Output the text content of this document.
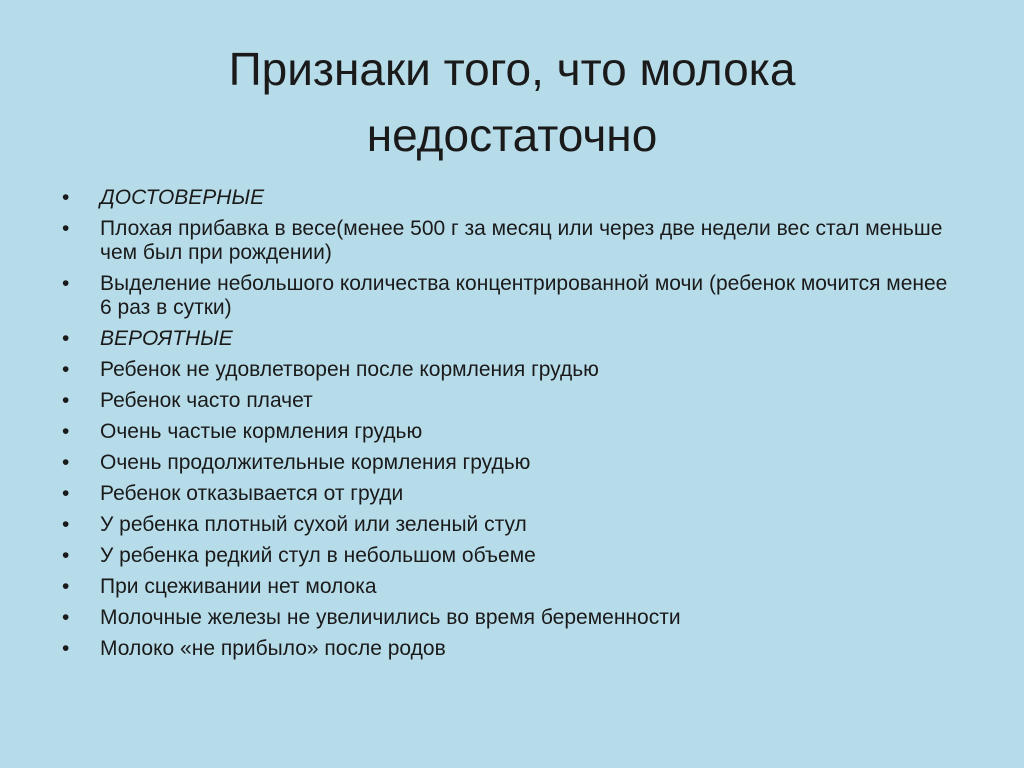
Признаки того, что молока
недостаточно
• ДОСТОВЕРНЫЕ
• Плохая прибавка в весе(менее 500 г за месяц или через две недели вес стал меньше чем был при рождении)
• Выделение небольшого количества концентрированной мочи (ребенок мочится менее 6 раз в сутки)
• ВЕРОЯТНЫЕ
• Ребенок не удовлетворен после кормления грудью
• Ребенок часто плачет
• Очень частые кормления грудью
• Очень продолжительные кормления грудью
• Ребенок отказывается от груди
• У ребенка плотный сухой или зеленый стул
• У ребенка редкий стул в небольшом объеме
• При сцеживании нет молока
• Молочные железы не увеличились во время беременности
• Молоко «не прибыло» после родов
